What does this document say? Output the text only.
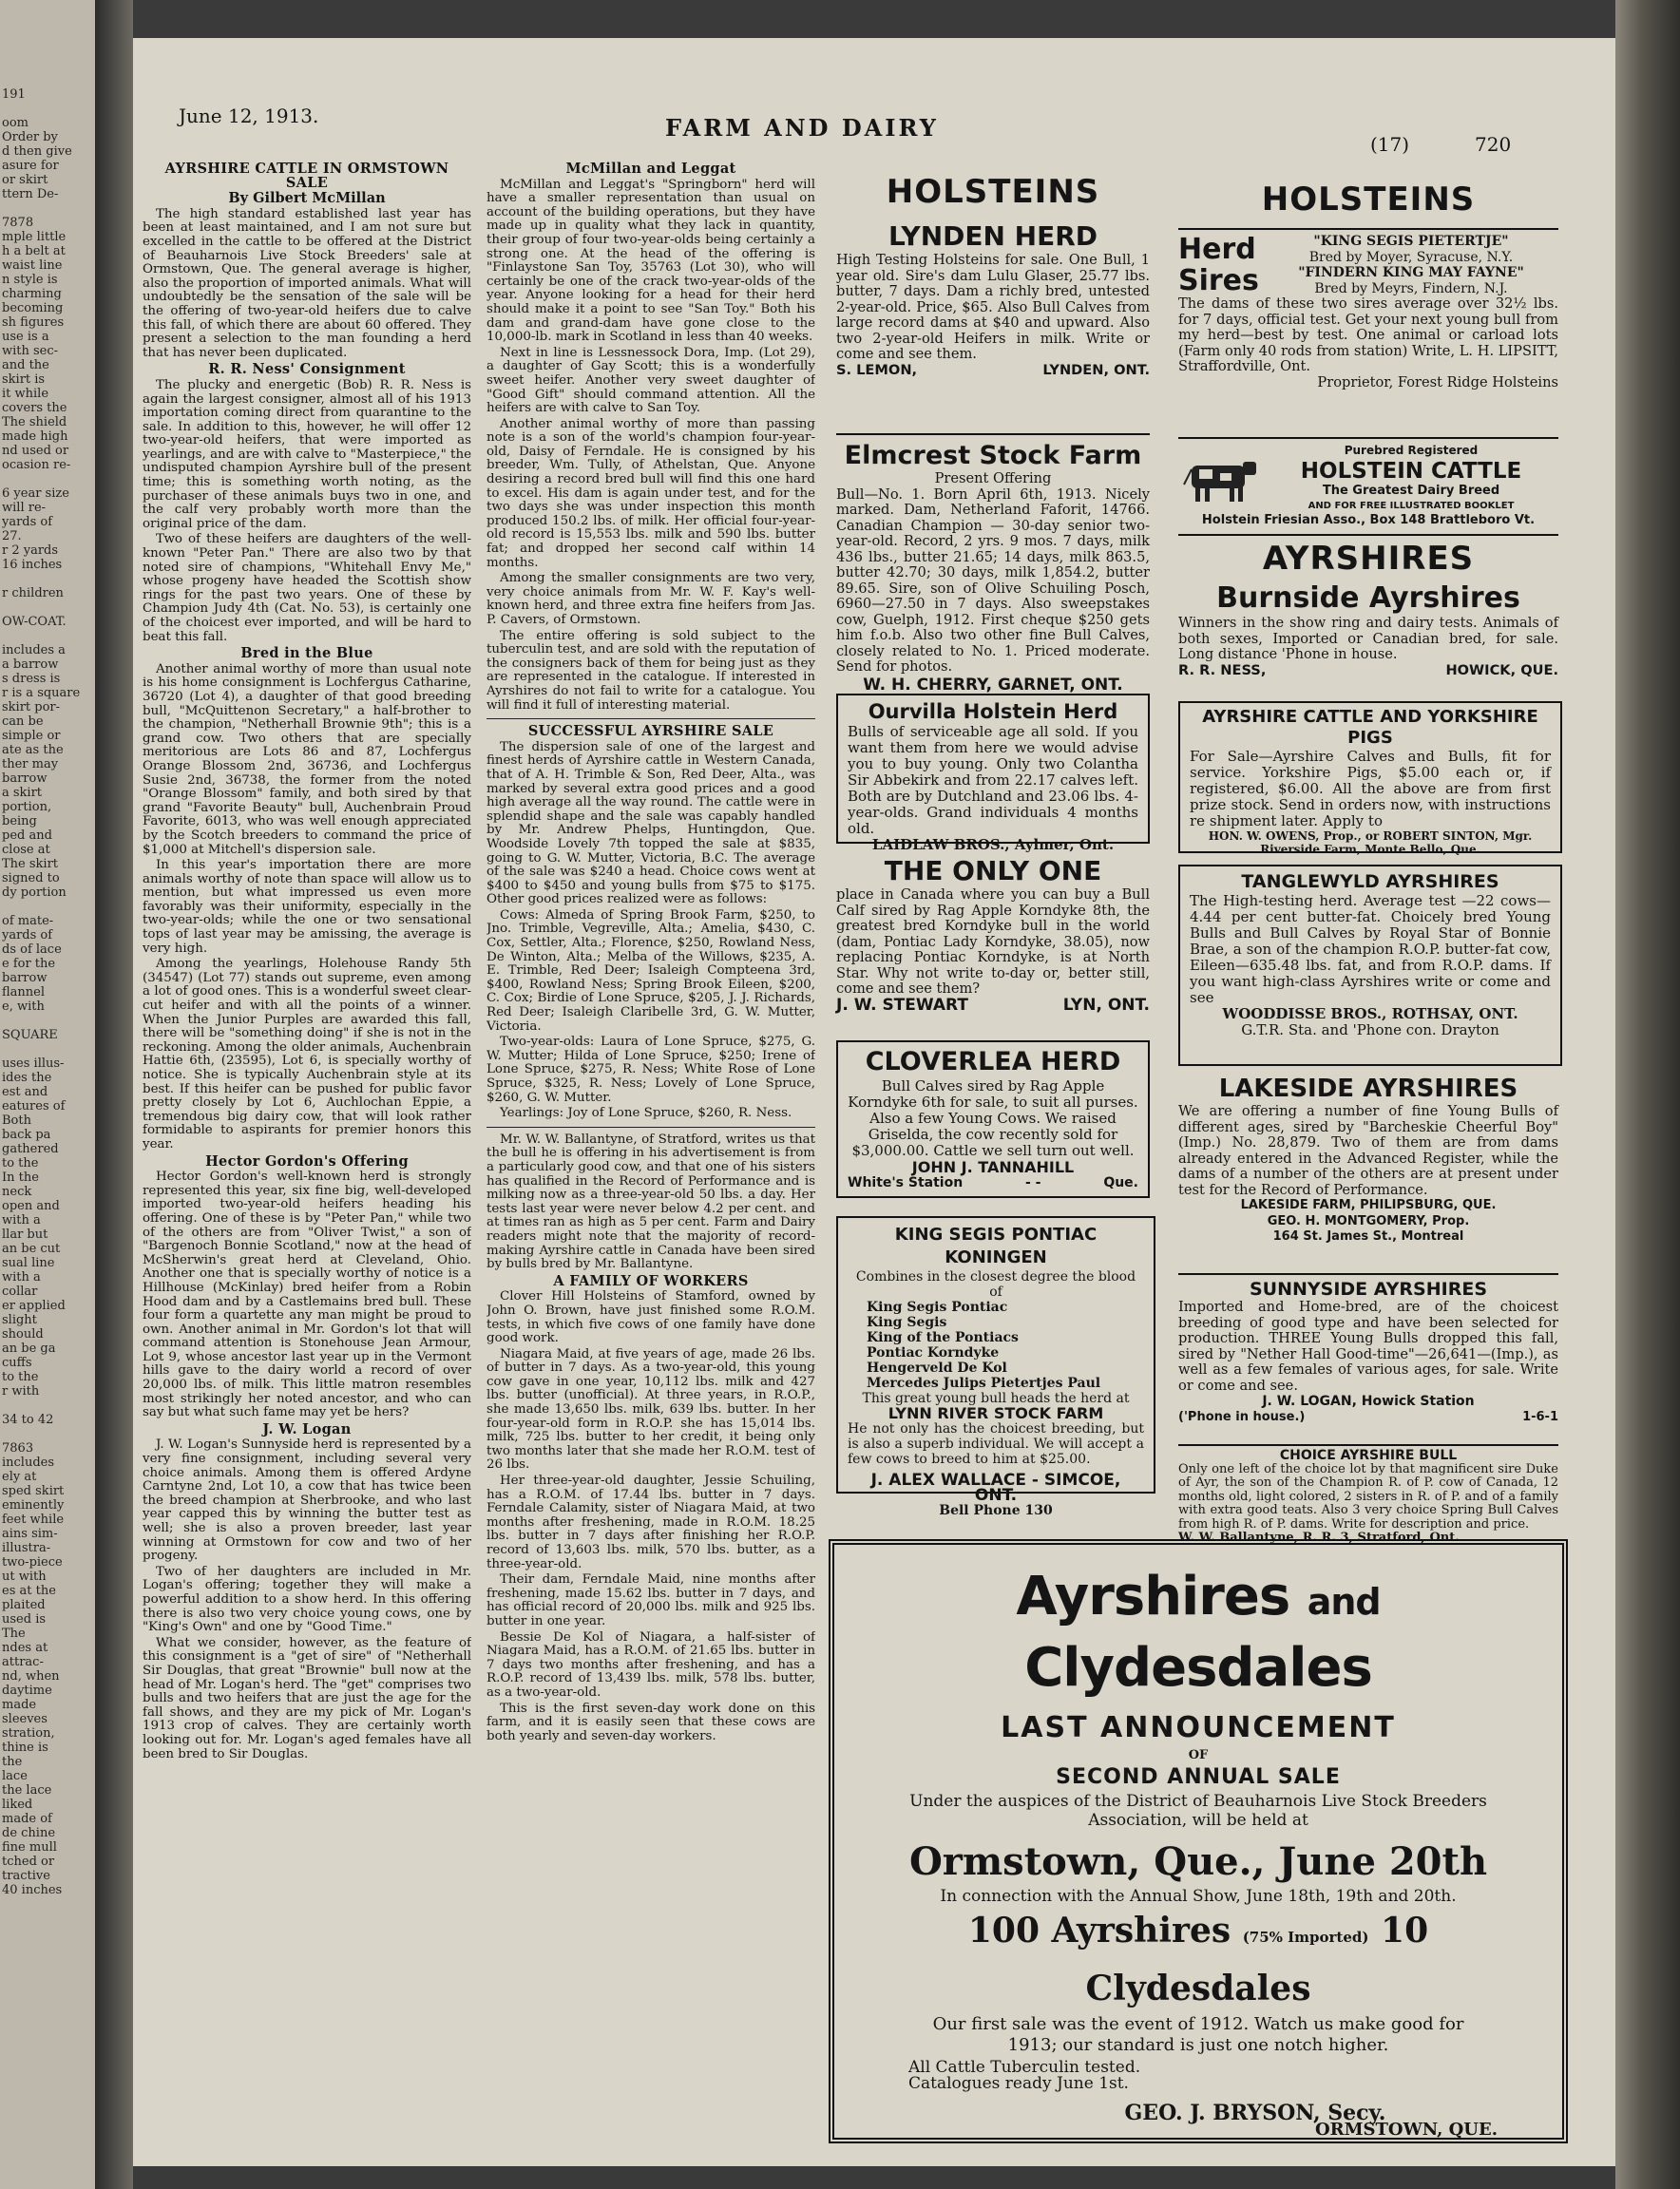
191

oom
Order by
d then give
asure for
or skirt
ttern De-

7878
mple little
h a belt at
waist line
n style is
charming
becoming
sh figures
use is a
with sec-
and the
skirt is
it while
covers the
The shield
made high
nd used or
ocasion re-

6 year size
will re-
yards of
27.
r 2 yards
16 inches

r children

OW-COAT.

includes a
a barrow
s dress is
r is a square
skirt por-
can be
simple or
ate as the
ther may
barrow
a skirt
portion,
being
ped and
close at
The skirt
signed to
dy portion

of mate-
yards of
ds of lace
e for the
barrow
flannel
e, with

SQUARE

uses illus-
ides the
est and
eatures of
Both
back pa
gathered
to the
In the
neck
open and
with a
llar but
an be cut
sual line
with a
collar
er applied
slight
should
an be ga
cuffs
to the
r with

34 to 42

7863
includes
ely at
sped skirt
eminently
feet while
ains sim-
illustra-
two-piece
ut with
es at the
plaited
used is
The
ndes at
attrac-
nd, when
daytime
made
sleeves
stration,
thine is
the
lace
the lace
liked
made of
de chine
fine mull
tched or
tractive
40 inches
June 12, 1913.	FARM AND DAIRY
(17)	720
AYRSHIRE CATTLE IN ORMSTOWN SALE
By Gilbert McMillan

The high standard established last year has been at least maintained, and I am not sure but excelled in the cattle to be offered at the District of Beauharnois Live Stock Breeders' sale at Ormstown, Que. The general average is higher, also the proportion of imported animals. What will undoubtedly be the sensation of the sale will be the offering of two-year-old heifers due to calve this fall, of which there are about 60 offered. They present a selection to the man founding a herd that has never been duplicated.

R. R. Ness' Consignment

The plucky and energetic (Bob) R. R. Ness is again the largest consigner, almost all of his 1913 importation coming direct from quarantine to the sale. In addition to this, however, he will offer 12 two-year-old heifers, that were imported as yearlings, and are with calve to "Masterpiece," the undisputed champion Ayrshire bull of the present time; this is something worth noting, as the purchaser of these animals buys two in one, and the calf very probably worth more than the original price of the dam.

Two of these heifers are daughters of the well-known "Peter Pan." There are also two by that noted sire of champions, "Whitehall Envy Me," whose progeny have headed the Scottish show rings for the past two years. One of these by Champion Judy 4th (Cat. No. 53), is certainly one of the choicest ever imported, and will be hard to beat this fall.

Bred in the Blue

Another animal worthy of more than usual note is his home consignment is Lochfergus Catharine, 36720 (Lot 4), a daughter of that good breeding bull, "McQuittenon Secretary," a half-brother to the champion, "Netherhall Brownie 9th"; this is a grand cow. Two others that are specially meritorious are Lots 86 and 87, Lochfergus Orange Blossom 2nd, 36736, and Lochfergus Susie 2nd, 36738, the former from the noted "Orange Blossom" family, and both sired by that grand "Favorite Beauty" bull, Auchenbrain Proud Favorite, 6013, who was well enough appreciated by the Scotch breeders to command the price of $1,000 at Mitchell's dispersion sale.

In this year's importation there are more animals worthy of note than space will allow us to mention, but what impressed us even more favorably was their uniformity, especially in the two-year-olds; while the one or two sensational tops of last year may be amissing, the average is very high.

Among the yearlings, Holehouse Randy 5th (34547) (Lot 77) stands out supreme, even among a lot of good ones. This is a wonderful sweet clear-cut heifer and with all the points of a winner. When the Junior Purples are awarded this fall, there will be "something doing" if she is not in the reckoning. Among the older animals, Auchenbrain Hattie 6th, (23595), Lot 6, is specially worthy of notice. She is typically Auchenbrain style at its best. If this heifer can be pushed for public favor pretty closely by Lot 6, Auchlochan Eppie, a tremendous big dairy cow, that will look rather formidable to aspirants for premier honors this year.

Hector Gordon's Offering

Hector Gordon's well-known herd is strongly represented this year, six fine big, well-developed imported two-year-old heifers heading his offering. One of these is by "Peter Pan," while two of the others are from "Oliver Twist," a son of "Bargenoch Bonnie Scotland," now at the head of McSherwin's great herd at Cleveland, Ohio. Another one that is specially worthy of notice is a Hillhouse (McKinlay) bred heifer from a Robin Hood dam and by a Castlemains bred bull. These four form a quartette any man might be proud to own. Another animal in Mr. Gordon's lot that will command attention is Stonehouse Jean Armour, Lot 9, whose ancestor last year up in the Vermont hills gave to the dairy world a record of over 20,000 lbs. of milk. This little matron resembles most strikingly her noted ancestor, and who can say but what such fame may yet be hers?

J. W. Logan

J. W. Logan's Sunnyside herd is represented by a very fine consignment, including several very choice animals. Among them is offered Ardyne Carntyne 2nd, Lot 10, a cow that has twice been the breed champion at Sherbrooke, and who last year capped this by winning the butter test as well; she is also a proven breeder, last year winning at Ormstown for cow and two of her progeny.

Two of her daughters are included in Mr. Logan's offering; together they will make a powerful addition to a show herd. In this offering there is also two very choice young cows, one by "King's Own" and one by "Good Time."

What we consider, however, as the feature of this consignment is a "get of sire" of "Netherhall Sir Douglas, that great "Brownie" bull now at the head of Mr. Logan's herd. The "get" comprises two bulls and two heifers that are just the age for the fall shows, and they are my pick of Mr. Logan's 1913 crop of calves. They are certainly worth looking out for. Mr. Logan's aged females have all been bred to Sir Douglas.

McMillan and Leggat

McMillan and Leggat's "Springborn" herd will have a smaller representation than usual on account of the building operations, but they have made up in quality what they lack in quantity, their group of four two-year-olds being certainly a strong one. At the head of the offering is "Finlaystone San Toy, 35763 (Lot 30), who will certainly be one of the crack two-year-olds of the year. Anyone looking for a head for their herd should make it a point to see "San Toy." Both his dam and grand-dam have gone close to the 10,000-lb. mark in Scotland in less than 40 weeks.

Next in line is Lessnessock Dora, Imp. (Lot 29), a daughter of Gay Scott; this is a wonderfully sweet heifer. Another very sweet daughter of "Good Gift" should command attention. All the heifers are with calve to San Toy.

Another animal worthy of more than passing note is a son of the world's champion four-year-old, Daisy of Ferndale. He is consigned by his breeder, Wm. Tully, of Athelstan, Que. Anyone desiring a record bred bull will find this one hard to excel. His dam is again under test, and for the two days she was under inspection this month produced 150.2 lbs. of milk. Her official four-year-old record is 15,553 lbs. milk and 590 lbs. butter fat; and dropped her second calf within 14 months.

Among the smaller consignments are two very, very choice animals from Mr. W. F. Kay's well-known herd, and three extra fine heifers from Jas. P. Cavers, of Ormstown.

The entire offering is sold subject to the tuberculin test, and are sold with the reputation of the consigners back of them for being just as they are represented in the catalogue. If interested in Ayrshires do not fail to write for a catalogue. You will find it full of interesting material.

SUCCESSFUL AYRSHIRE SALE

The dispersion sale of one of the largest and finest herds of Ayrshire cattle in Western Canada, that of A. H. Trimble & Son, Red Deer, Alta., was marked by several extra good prices and a good high average all the way round. The cattle were in splendid shape and the sale was capably handled by Mr. Andrew Phelps, Huntingdon, Que. Woodside Lovely 7th topped the sale at $835, going to G. W. Mutter, Victoria, B.C. The average of the sale was $240 a head. Choice cows went at $400 to $450 and young bulls from $75 to $175. Other good prices realized were as follows:

Cows: Almeda of Spring Brook Farm, $250, to Jno. Trimble, Vegreville, Alta.; Amelia, $430, C. Cox, Settler, Alta.; Florence, $250, Rowland Ness, De Winton, Alta.; Melba of the Willows, $235, A. E. Trimble, Red Deer; Isaleigh Compteena 3rd, $400, Rowland Ness; Spring Brook Eileen, $200, C. Cox; Birdie of Lone Spruce, $205, J. J. Richards, Red Deer; Isaleigh Claribelle 3rd, G. W. Mutter, Victoria.

Two-year-olds: Laura of Lone Spruce, $275, G. W. Mutter; Hilda of Lone Spruce, $250; Irene of Lone Spruce, $275, R. Ness; White Rose of Lone Spruce, $325, R. Ness; Lovely of Lone Spruce, $260, G. W. Mutter.

Yearlings: Joy of Lone Spruce, $260, R. Ness.

Mr. W. W. Ballantyne, of Stratford, writes us that the bull he is offering in his advertisement is from a particularly good cow, and that one of his sisters has qualified in the Record of Performance and is milking now as a three-year-old 50 lbs. a day. Her tests last year were never below 4.2 per cent. and at times ran as high as 5 per cent. Farm and Dairy readers might note that the majority of record-making Ayrshire cattle in Canada have been sired by bulls bred by Mr. Ballantyne.

A FAMILY OF WORKERS

Clover Hill Holsteins of Stamford, owned by John O. Brown, have just finished some R.O.M. tests, in which five cows of one family have done good work.

Niagara Maid, at five years of age, made 26 lbs. of butter in 7 days. As a two-year-old, this young cow gave in one year, 10,112 lbs. milk and 427 lbs. butter (unofficial). At three years, in R.O.P., she made 13,650 lbs. milk, 639 lbs. butter. In her four-year-old form in R.O.P. she has 15,014 lbs. milk, 725 lbs. butter to her credit, it being only two months later that she made her R.O.M. test of 26 lbs.

Her three-year-old daughter, Jessie Schuiling, has a R.O.M. of 17.44 lbs. butter in 7 days. Ferndale Calamity, sister of Niagara Maid, at two months after freshening, made in R.O.M. 18.25 lbs. butter in 7 days after finishing her R.O.P. record of 13,603 lbs. milk, 570 lbs. butter, as a three-year-old.

Their dam, Ferndale Maid, nine months after freshening, made 15.62 lbs. butter in 7 days, and has official record of 20,000 lbs. milk and 925 lbs. butter in one year.

Bessie De Kol of Niagara, a half-sister of Niagara Maid, has a R.O.M. of 21.65 lbs. butter in 7 days two months after freshening, and has a R.O.P. record of 13,439 lbs. milk, 578 lbs. butter, as a two-year-old.

This is the first seven-day work done on this farm, and it is easily seen that these cows are both yearly and seven-day workers.

HOLSTEINS
LYNDEN HERD
High Testing Holsteins for sale. One Bull, 1 year old. Sire's dam Lulu Glaser, 25.77 lbs. butter, 7 days. Dam a richly bred, untested 2-year-old. Price, $65. Also Bull Calves from large record dams at $40 and upward. Also two 2-year-old Heifers in milk. Write or come and see them.
S. LEMON,	LYNDEN, ONT.
Elmcrest Stock Farm
Present Offering
Bull—No. 1. Born April 6th, 1913. Nicely marked. Dam, Netherland Faforit, 14766. Canadian Champion — 30-day senior two-year-old. Record, 2 yrs. 9 mos. 7 days, milk 436 lbs., butter 21.65; 14 days, milk 863.5, butter 42.70; 30 days, milk 1,854.2, butter 89.65. Sire, son of Olive Schuiling Posch, 6960—27.50 in 7 days. Also sweepstakes cow, Guelph, 1912. First cheque $250 gets him f.o.b. Also two other fine Bull Calves, closely related to No. 1. Priced moderate. Send for photos.
W. H. CHERRY, GARNET, ONT.
Ourvilla Holstein Herd
Bulls of serviceable age all sold. If you want them from here we would advise you to buy young. Only two Colantha Sir Abbekirk and from 22.17 calves left. Both are by Dutchland and 23.06 lbs. 4-year-olds. Grand individuals 4 months old.
LAIDLAW BROS., Aylmer, Ont.
THE ONLY ONE
place in Canada where you can buy a Bull Calf sired by Rag Apple Korndyke 8th, the greatest bred Korndyke bull in the world (dam, Pontiac Lady Korndyke, 38.05), now replacing Pontiac Korndyke, is at North Star. Why not write to-day or, better still, come and see them?
J. W. STEWART	LYN, ONT.
CLOVERLEA HERD
Bull Calves sired by Rag Apple Korndyke 6th for sale, to suit all purses. Also a few Young Cows. We raised Griselda, the cow recently sold for $3,000.00. Cattle we sell turn out well.
JOHN J. TANNAHILL
White's Station	- -	Que.
KING SEGIS PONTIAC KONINGEN
Combines in the closest degree the blood of
King Segis Pontiac
King Segis
King of the Pontiacs
Pontiac Korndyke
Hengerveld De Kol
Mercedes Julips Pietertjes Paul
This great young bull heads the herd at
LYNN RIVER STOCK FARM
He not only has the choicest breeding, but is also a superb individual. We will accept a few cows to breed to him at $25.00.
J. ALEX WALLACE - SIMCOE, ONT.
Bell Phone 130
HOLSTEINS
Herd Sires
"KING SEGIS PIETERTJE"
Bred by Moyer, Syracuse, N.Y.
"FINDERN KING MAY FAYNE"
Bred by Meyrs, Findern, N.J.
The dams of these two sires average over 32½ lbs. for 7 days, official test. Get your next young bull from my herd—best by test. One animal or carload lots (Farm only 40 rods from station) Write, L. H. LIPSITT, Straffordville, Ont.
Proprietor, Forest Ridge Holsteins
Purebred Registered
HOLSTEIN CATTLE
The Greatest Dairy Breed
AND FOR FREE ILLUSTRATED BOOKLET
Holstein Friesian Asso., Box 148 Brattleboro Vt.
AYRSHIRES
Burnside Ayrshires
Winners in the show ring and dairy tests. Animals of both sexes, Imported or Canadian bred, for sale. Long distance 'Phone in house.
R. R. NESS,	HOWICK, QUE.
AYRSHIRE CATTLE AND YORKSHIRE PIGS
For Sale—Ayrshire Calves and Bulls, fit for service. Yorkshire Pigs, $5.00 each or, if registered, $6.00. All the above are from first prize stock. Send in orders now, with instructions re shipment later. Apply to
HON. W. OWENS, Prop., or ROBERT SINTON, Mgr. Riverside Farm, Monte Bello, Que.
TANGLEWYLD AYRSHIRES
The High-testing herd. Average test —22 cows—4.44 per cent butter-fat. Choicely bred Young Bulls and Bull Calves by Royal Star of Bonnie Brae, a son of the champion R.O.P. butter-fat cow, Eileen—635.48 lbs. fat, and from R.O.P. dams. If you want high-class Ayrshires write or come and see
WOODDISSE BROS., ROTHSAY, ONT.
G.T.R. Sta. and 'Phone con. Drayton
LAKESIDE AYRSHIRES
We are offering a number of fine Young Bulls of different ages, sired by "Barcheskie Cheerful Boy" (Imp.) No. 28,879. Two of them are from dams already entered in the Advanced Register, while the dams of a number of the others are at present under test for the Record of Performance.
LAKESIDE FARM, PHILIPSBURG, QUE.
GEO. H. MONTGOMERY, Prop.
164 St. James St., Montreal
SUNNYSIDE AYRSHIRES
Imported and Home-bred, are of the choicest breeding of good type and have been selected for production. THREE Young Bulls dropped this fall, sired by "Nether Hall Good-time"—26,641—(Imp.), as well as a few females of various ages, for sale. Write or come and see.
J. W. LOGAN, Howick Station
('Phone in house.)	1-6-1
CHOICE AYRSHIRE BULL
Only one left of the choice lot by that magnificent sire Duke of Ayr, the son of the Champion R. of P. cow of Canada, 12 months old, light colored, 2 sisters in R. of P. and of a family with extra good teats. Also 3 very choice Spring Bull Calves from high R. of P. dams. Write for description and price.
W. W. Ballantyne, R. R. 3, Stratford, Ont.
Ayrshires and Clydesdales
LAST ANNOUNCEMENT
OF
SECOND ANNUAL SALE
Under the auspices of the District of Beauharnois Live Stock Breeders Association, will be held at
Ormstown, Que., June 20th
In connection with the Annual Show, June 18th, 19th and 20th.
100 Ayrshires (75% Imported) 10 Clydesdales
Our first sale was the event of 1912. Watch us make good for 1913; our standard is just one notch higher.
All Cattle Tuberculin tested.
Catalogues ready June 1st.
GEO. J. BRYSON, Secy.
ORMSTOWN, QUE.
